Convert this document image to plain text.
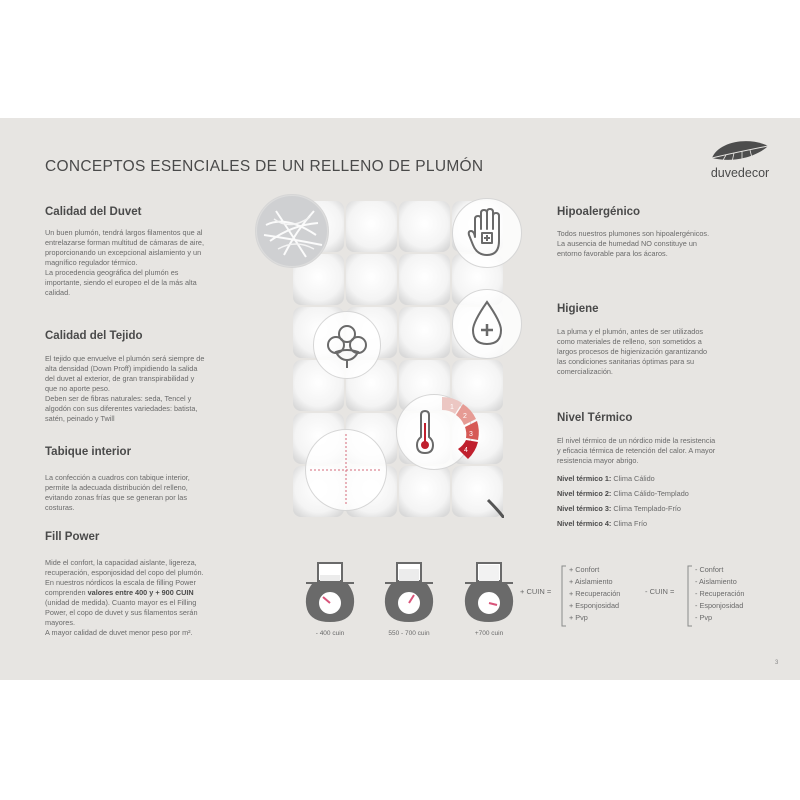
CONCEPTOS ESENCIALES DE UN RELLENO DE PLUMÓN	duvedecor
Calidad del Duvet
Un buen plumón, tendrá largos filamentos que al
entrelazarse forman multitud de cámaras de aire,
proporcionando un excepcional aislamiento y un
magnífico regulador térmico.
La procedencia geográfica del plumón es
importante, siendo el europeo el de la más alta
calidad.
Calidad del Tejido
El tejido que envuelve el plumón será siempre de
alta densidad (Down Proff) impidiendo la salida
del duvet al exterior, de gran transpirabilidad y
que no aporte peso.
Deben ser de fibras naturales: seda, Tencel y
algodón con sus diferentes variedades: batista,
satén, peinado y Twill
Tabique interior
La confección a cuadros con tabique interior,
permite la adecuada distribución del relleno,
evitando zonas frías que se generan por las
costuras.
Fill Power
Mide el confort, la capacidad aislante, ligereza,
recuperación, esponjosidad del copo del plumón.
En nuestros nórdicos la escala de filling Power
comprenden valores entre 400 y + 900 CUIN
(unidad de medida). Cuanto mayor es el Filling
Power, el copo de duvet y sus filamentos serán
mayores.
A mayor calidad de duvet menor peso por m².
1
2
3
4
Hipoalergénico
Todos nuestros plumones son hipoalergénicos.
La ausencia de humedad NO constituye un
entorno favorable para los ácaros.
Higiene
La pluma y el plumón, antes de ser utilizados
como materiales de relleno, son sometidos a
largos procesos de higienización garantizando
las condiciones sanitarias óptimas para su
comercialización.
Nivel Térmico
El nivel térmico de un nórdico mide la resistencia
y eficacia térmica de retención del calor. A mayor
resistencia mayor abrigo.
Nivel térmico 1: Clima Cálido
Nivel térmico 2: Clima Cálido-Templado
Nivel térmico 3: Clima Templado-Frío
Nivel térmico 4: Clima Frío
- 400 cuin	550 - 700 cuin	+700 cuin
+ CUIN =
+ Confort
+ Aislamiento
+ Recuperación
+ Esponjosidad
+ Pvp
- CUIN =
- Confort
- Aislamiento
- Recuperación
- Esponjosidad
- Pvp
3
